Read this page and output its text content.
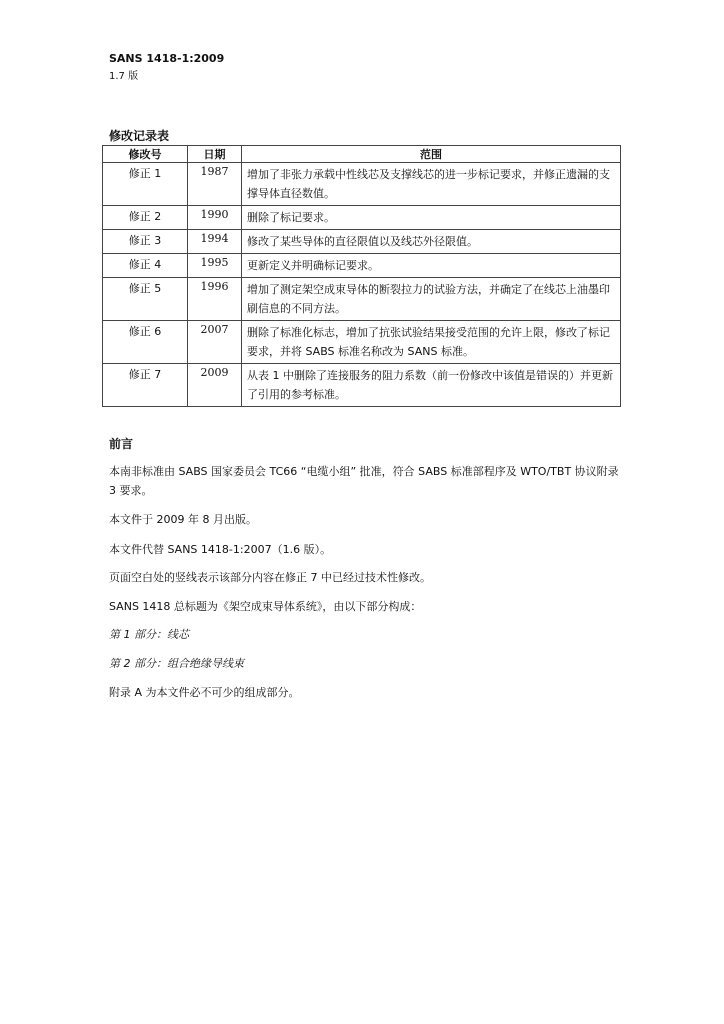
SANS 1418-1:2009
1.7 版
修改记录表
修改号	日期	范围
修正 1	1987	增加了非张力承载中性线芯及支撑线芯的进一步标记要求，并修正遗漏的支撑导体直径数值。
修正 2	1990	删除了标记要求。
修正 3	1994	修改了某些导体的直径限值以及线芯外径限值。
修正 4	1995	更新定义并明确标记要求。
修正 5	1996	增加了测定架空成束导体的断裂拉力的试验方法，并确定了在线芯上油墨印刷信息的不同方法。
修正 6	2007	删除了标准化标志，增加了抗张试验结果接受范围的允许上限，修改了标记要求，并将 SABS 标准名称改为 SANS 标准。
修正 7	2009	从表 1 中删除了连接服务的阻力系数（前一份修改中该值是错误的）并更新了引用的参考标准。
前言
本南非标准由 SABS 国家委员会 TC66 “电缆小组” 批准，符合 SABS 标准部程序及 WTO/TBT 协议附录 3 要求。
本文件于 2009 年 8 月出版。
本文件代替 SANS 1418-1:2007（1.6 版）。
页面空白处的竖线表示该部分内容在修正 7 中已经过技术性修改。
SANS 1418 总标题为《架空成束导体系统》，由以下部分构成：
第 1 部分：线芯
第 2 部分：组合绝缘导线束
附录 A 为本文件必不可少的组成部分。
